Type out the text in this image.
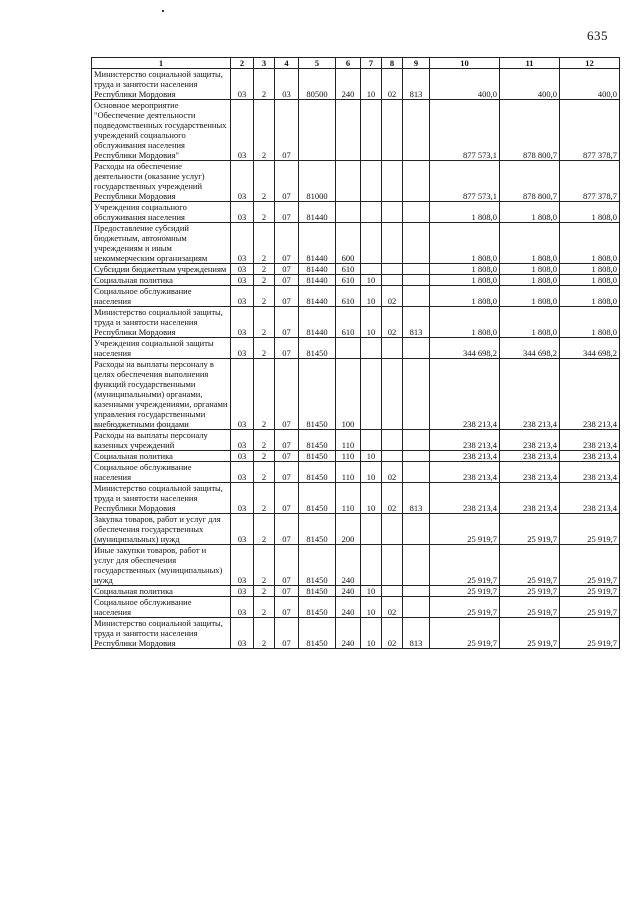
635
1	2	3	4	5	6	7	8	9	10	11	12
Министерство социальной защиты, труда и занятости населения Республики Мордовия	03	2	03	80500	240	10	02	813	400,0	400,0	400,0
Основное мероприятие "Обеспечение деятельности подведомственных государственных учреждений социального обслуживания населения Республики Мордовия"	03	2	07						877 573,1	878 800,7	877 378,7
Расходы на обеспечение деятельности (оказание услуг) государственных учреждений Республики Мордовия	03	2	07	81000					877 573,1	878 800,7	877 378,7
Учреждения социального обслуживания населения	03	2	07	81440					1 808,0	1 808,0	1 808,0
Предоставление субсидий бюджетным, автономным учреждениям и иным некоммерческим организациям	03	2	07	81440	600				1 808,0	1 808,0	1 808,0
Субсидии бюджетным учреждениям	03	2	07	81440	610				1 808,0	1 808,0	1 808,0
Социальная политика	03	2	07	81440	610	10			1 808,0	1 808,0	1 808,0
Социальное обслуживание населения	03	2	07	81440	610	10	02		1 808,0	1 808,0	1 808,0
Министерство социальной защиты, труда и занятости населения Республики Мордовия	03	2	07	81440	610	10	02	813	1 808,0	1 808,0	1 808,0
Учреждения социальной защиты населения	03	2	07	81450					344 698,2	344 698,2	344 698,2
Расходы на выплаты персоналу в целях обеспечения выполнения функций государственными (муниципальными) органами, казенными учреждениями, органами управления государственными внебюджетными фондами	03	2	07	81450	100				238 213,4	238 213,4	238 213,4
Расходы на выплаты персоналу казенных учреждений	03	2	07	81450	110				238 213,4	238 213,4	238 213,4
Социальная политика	03	2	07	81450	110	10			238 213,4	238 213,4	238 213,4
Социальное обслуживание населения	03	2	07	81450	110	10	02		238 213,4	238 213,4	238 213,4
Министерство социальной защиты, труда и занятости населения Республики Мордовия	03	2	07	81450	110	10	02	813	238 213,4	238 213,4	238 213,4
Закупка товаров, работ и услуг для обеспечения государственных (муниципальных) нужд	03	2	07	81450	200				25 919,7	25 919,7	25 919,7
Иные закупки товаров, работ и услуг для обеспечения государственных (муниципальных) нужд	03	2	07	81450	240				25 919,7	25 919,7	25 919,7
Социальная политика	03	2	07	81450	240	10			25 919,7	25 919,7	25 919,7
Социальное обслуживание населения	03	2	07	81450	240	10	02		25 919,7	25 919,7	25 919,7
Министерство социальной защиты, труда и занятости населения Республики Мордовия	03	2	07	81450	240	10	02	813	25 919,7	25 919,7	25 919,7
